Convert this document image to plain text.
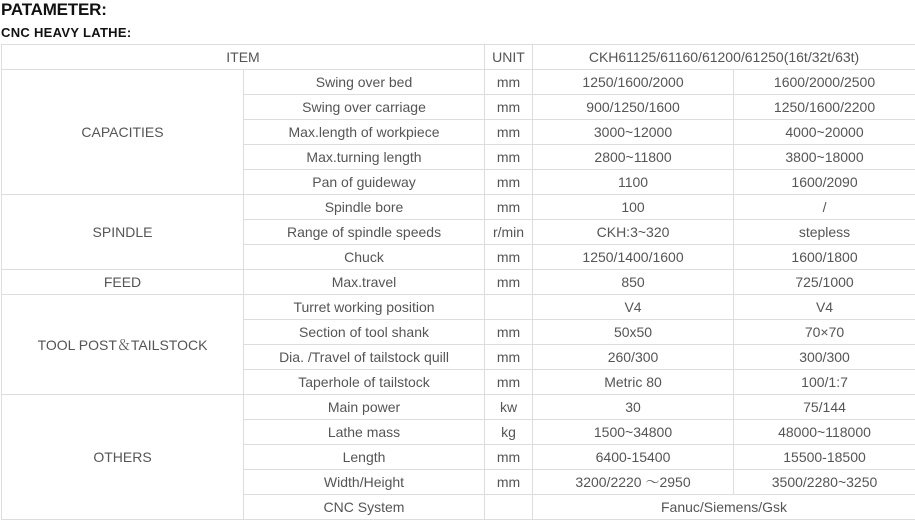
PATAMETER:
CNC HEAVY LATHE:
ITEM		UNIT	CKH61125/61160/61200/61250(16t/32t/63t)	
CAPACITIES	Swing over bed	mm	1250/1600/2000	1600/2000/2500
	Swing over carriage	mm	900/1250/1600	1250/1600/2200
	Max.length of workpiece	mm	3000~12000	4000~20000
	Max.turning length	mm	2800~11800	3800~18000
	Pan of guideway	mm	1100	1600/2090
SPINDLE	Spindle bore	mm	100	/
	Range of spindle speeds	r/min	CKH:3~320	stepless
	Chuck	mm	1250/1400/1600	1600/1800
FEED	Max.travel	mm	850	725/1000
TOOL POST＆TAILSTOCK	Turret working position		V4	V4
	Section of tool shank	mm	50x50	70×70
	Dia. /Travel of tailstock quill	mm	260/300	300/300
	Taperhole of tailstock	mm	Metric 80	100/1:7
OTHERS	Main power	kw	30	75/144
	Lathe mass	kg	1500~34800	48000~118000
	Length	mm	6400-15400	15500-18500
	Width/Height	mm	3200/2220 ～2950	3500/2280~3250
	CNC System		Fanuc/Siemens/Gsk	
